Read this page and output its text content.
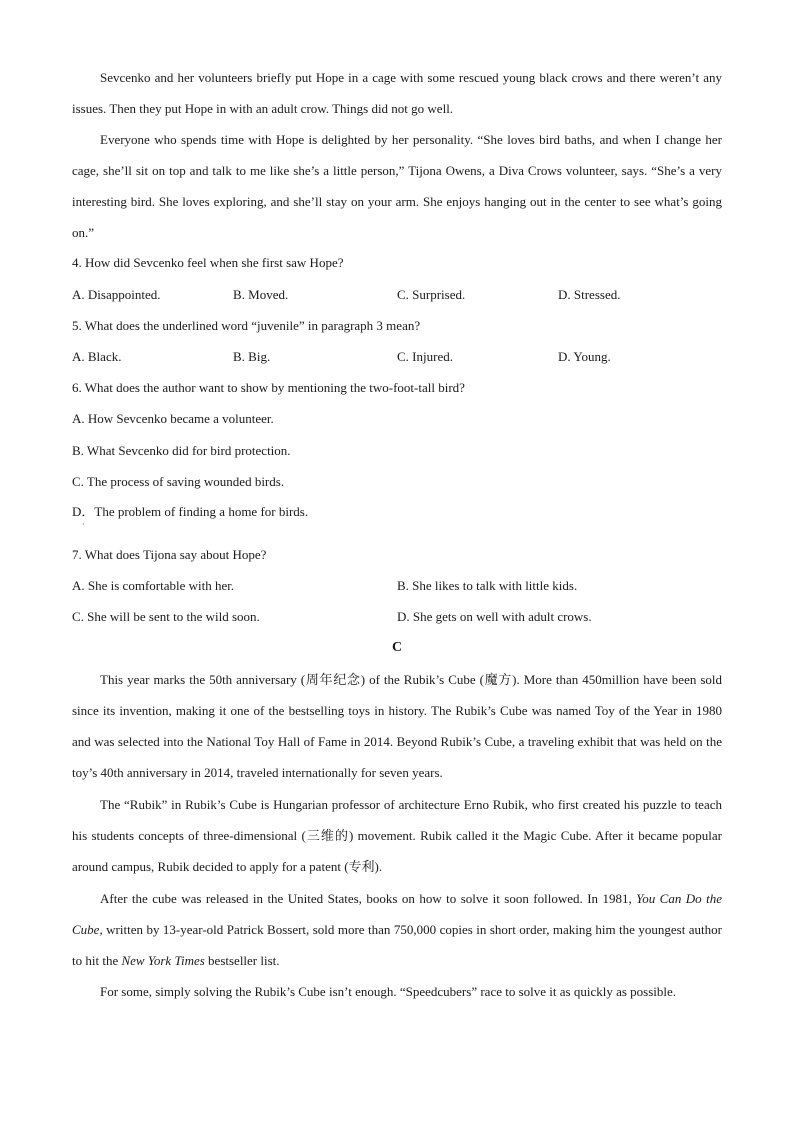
Sevcenko and her volunteers briefly put Hope in a cage with some rescued young black crows and there weren’t any issues. Then they put Hope in with an adult crow. Things did not go well.

Everyone who spends time with Hope is delighted by her personality. “She loves bird baths, and when I change her cage, she’ll sit on top and talk to me like she’s a little person,” Tijona Owens, a Diva Crows volunteer, says. “She’s a very interesting bird. She loves exploring, and she’ll stay on your arm. She enjoys hanging out in the center to see what’s going on.”

4. How did Sevcenko feel when she first saw Hope?

A. Disappointed.	B. Moved.	C. Surprised.	D. Stressed.

5. What does the underlined word “juvenile” in paragraph 3 mean?

A. Black.	B. Big.	C. Injured.	D. Young.

6. What does the author want to show by mentioning the two-foot-tall bird?

A. How Sevcenko became a volunteer.

B. What Sevcenko did for bird protection.

C. The process of saving wounded birds.

D．The problem of finding a home for birds.

·

7. What does Tijona say about Hope?

A. She is comfortable with her.	B. She likes to talk with little kids.

C. She will be sent to the wild soon.	D. She gets on well with adult crows.

C

This year marks the 50th anniversary (周年纪念) of the Rubik’s Cube (魔方). More than 450million have been sold since its invention, making it one of the bestselling toys in history. The Rubik’s Cube was named Toy of the Year in 1980 and was selected into the National Toy Hall of Fame in 2014. Beyond Rubik’s Cube, a traveling exhibit that was held on the toy’s 40th anniversary in 2014, traveled internationally for seven years.

The “Rubik” in Rubik’s Cube is Hungarian professor of architecture Erno Rubik, who first created his puzzle to teach his students concepts of three-dimensional (三维的) movement. Rubik called it the Magic Cube. After it became popular around campus, Rubik decided to apply for a patent (专利).

After the cube was released in the United States, books on how to solve it soon followed. In 1981, You Can Do the Cube, written by 13-year-old Patrick Bossert, sold more than 750,000 copies in short order, making him the youngest author to hit the New York Times bestseller list.

For some, simply solving the Rubik’s Cube isn’t enough. “Speedcubers” race to solve it as quickly as possible.
